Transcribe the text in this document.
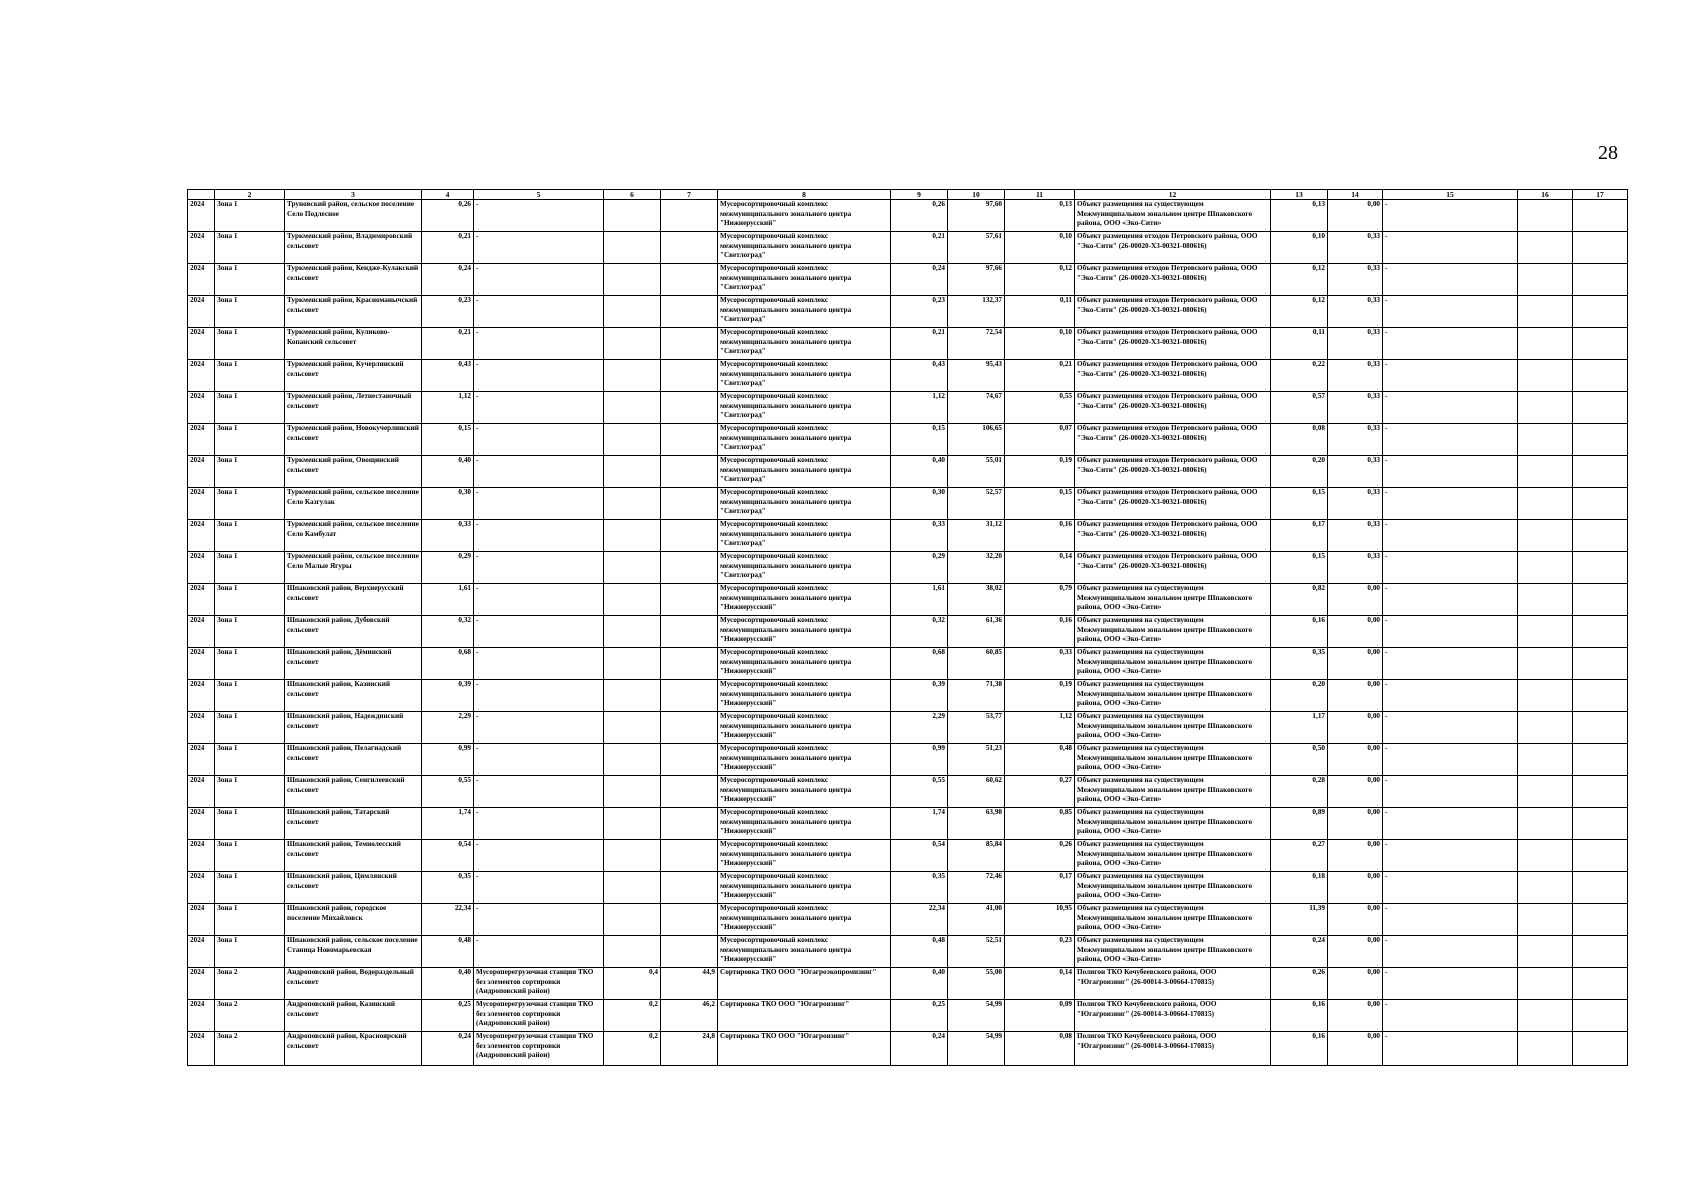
28
	2	3	4	5	6	7	8	9	10	11	12	13	14	15	16	17

2024	Зона 1	Труновский район, сельское поселение Село Подлесное	0,26	-			Мусоросортировочный комплекс межмуниципального зонального центра "Нижнерусский"	0,26	97,60	0,13	Объект размещения на существующем Межмуниципальном зональном центре Шпаковского района, ООО «Эко-Сити»	0,13	0,00	-		

2024	Зона 1	Туркменский район, Владимировский сельсовет	0,21	-			Мусоросортировочный комплекс межмуниципального зонального центра "Светлоград"	0,21	57,61	0,10	Объект размещения отходов Петровского района, ООО "Эко-Сити" (26-00020-Х3-00321-080616)	0,10	0,33	-		

2024	Зона 1	Туркменский район, Кендже-Кулакский сельсовет	0,24	-			Мусоросортировочный комплекс межмуниципального зонального центра "Светлоград"	0,24	97,66	0,12	Объект размещения отходов Петровского района, ООО "Эко-Сити" (26-00020-Х3-00321-080616)	0,12	0,33	-		

2024	Зона 1	Туркменский район, Красноманычский сельсовет	0,23	-			Мусоросортировочный комплекс межмуниципального зонального центра "Светлоград"	0,23	132,37	0,11	Объект размещения отходов Петровского района, ООО "Эко-Сити" (26-00020-Х3-00321-080616)	0,12	0,33	-		

2024	Зона 1	Туркменский район, Куликово-Копанский сельсовет	0,21	-			Мусоросортировочный комплекс межмуниципального зонального центра "Светлоград"	0,21	72,54	0,10	Объект размещения отходов Петровского района, ООО "Эко-Сити" (26-00020-Х3-00321-080616)	0,11	0,33	-		

2024	Зона 1	Туркменский район, Кучерлинский сельсовет	0,43	-			Мусоросортировочный комплекс межмуниципального зонального центра "Светлоград"	0,43	95,43	0,21	Объект размещения отходов Петровского района, ООО "Эко-Сити" (26-00020-Х3-00321-080616)	0,22	0,33	-		

2024	Зона 1	Туркменский район, Летнестаночный сельсовет	1,12	-			Мусоросортировочный комплекс межмуниципального зонального центра "Светлоград"	1,12	74,67	0,55	Объект размещения отходов Петровского района, ООО "Эко-Сити" (26-00020-Х3-00321-080616)	0,57	0,33	-		

2024	Зона 1	Туркменский район, Новокучерлинский сельсовет	0,15	-			Мусоросортировочный комплекс межмуниципального зонального центра "Светлоград"	0,15	106,65	0,07	Объект размещения отходов Петровского района, ООО "Эко-Сити" (26-00020-Х3-00321-080616)	0,08	0,33	-		

2024	Зона 1	Туркменский район, Овощинский сельсовет	0,40	-			Мусоросортировочный комплекс межмуниципального зонального центра "Светлоград"	0,40	55,01	0,19	Объект размещения отходов Петровского района, ООО "Эко-Сити" (26-00020-Х3-00321-080616)	0,20	0,33	-		

2024	Зона 1	Туркменский район, сельское поселение Село Казгулак	0,30	-			Мусоросортировочный комплекс межмуниципального зонального центра "Светлоград"	0,30	52,57	0,15	Объект размещения отходов Петровского района, ООО "Эко-Сити" (26-00020-Х3-00321-080616)	0,15	0,33	-		

2024	Зона 1	Туркменский район, сельское поселение Село Камбулат	0,33	-			Мусоросортировочный комплекс межмуниципального зонального центра "Светлоград"	0,33	31,12	0,16	Объект размещения отходов Петровского района, ООО "Эко-Сити" (26-00020-Х3-00321-080616)	0,17	0,33	-		

2024	Зона 1	Туркменский район, сельское поселение Село Малые Ягуры	0,29	-			Мусоросортировочный комплекс межмуниципального зонального центра "Светлоград"	0,29	32,20	0,14	Объект размещения отходов Петровского района, ООО "Эко-Сити" (26-00020-Х3-00321-080616)	0,15	0,33	-		

2024	Зона 1	Шпаковский район, Верхнерусский сельсовет	1,61	-			Мусоросортировочный комплекс межмуниципального зонального центра "Нижнерусский"	1,61	38,02	0,79	Объект размещения на существующем Межмуниципальном зональном центре Шпаковского района, ООО «Эко-Сити»	0,82	0,00	-		

2024	Зона 1	Шпаковский район, Дубовский сельсовет	0,32	-			Мусоросортировочный комплекс межмуниципального зонального центра "Нижнерусский"	0,32	61,36	0,16	Объект размещения на существующем Межмуниципальном зональном центре Шпаковского района, ООО «Эко-Сити»	0,16	0,00	-		

2024	Зона 1	Шпаковский район, Дёминский сельсовет	0,68	-			Мусоросортировочный комплекс межмуниципального зонального центра "Нижнерусский"	0,68	60,85	0,33	Объект размещения на существующем Межмуниципальном зональном центре Шпаковского района, ООО «Эко-Сити»	0,35	0,00	-		

2024	Зона 1	Шпаковский район, Казинский сельсовет	0,39	-			Мусоросортировочный комплекс межмуниципального зонального центра "Нижнерусский"	0,39	71,38	0,19	Объект размещения на существующем Межмуниципальном зональном центре Шпаковского района, ООО «Эко-Сити»	0,20	0,00	-		

2024	Зона 1	Шпаковский район, Надеждинский сельсовет	2,29	-			Мусоросортировочный комплекс межмуниципального зонального центра "Нижнерусский"	2,29	53,77	1,12	Объект размещения на существующем Межмуниципальном зональном центре Шпаковского района, ООО «Эко-Сити»	1,17	0,00	-		

2024	Зона 1	Шпаковский район, Пелагиадский сельсовет	0,99	-			Мусоросортировочный комплекс межмуниципального зонального центра "Нижнерусский"	0,99	51,23	0,48	Объект размещения на существующем Межмуниципальном зональном центре Шпаковского района, ООО «Эко-Сити»	0,50	0,00	-		

2024	Зона 1	Шпаковский район, Сенгилеевский сельсовет	0,55	-			Мусоросортировочный комплекс межмуниципального зонального центра "Нижнерусский"	0,55	60,62	0,27	Объект размещения на существующем Межмуниципальном зональном центре Шпаковского района, ООО «Эко-Сити»	0,28	0,00	-		

2024	Зона 1	Шпаковский район, Татарский сельсовет	1,74	-			Мусоросортировочный комплекс межмуниципального зонального центра "Нижнерусский"	1,74	63,98	0,85	Объект размещения на существующем Межмуниципальном зональном центре Шпаковского района, ООО «Эко-Сити»	0,89	0,00	-		

2024	Зона 1	Шпаковский район, Темнолесский сельсовет	0,54	-			Мусоросортировочный комплекс межмуниципального зонального центра "Нижнерусский"	0,54	85,84	0,26	Объект размещения на существующем Межмуниципальном зональном центре Шпаковского района, ООО «Эко-Сити»	0,27	0,00	-		

2024	Зона 1	Шпаковский район, Цимлянский сельсовет	0,35	-			Мусоросортировочный комплекс межмуниципального зонального центра "Нижнерусский"	0,35	72,46	0,17	Объект размещения на существующем Межмуниципальном зональном центре Шпаковского района, ООО «Эко-Сити»	0,18	0,00	-		

2024	Зона 1	Шпаковский район, городское поселение Михайловск	22,34	-			Мусоросортировочный комплекс межмуниципального зонального центра "Нижнерусский"	22,34	41,00	10,95	Объект размещения на существующем Межмуниципальном зональном центре Шпаковского района, ООО «Эко-Сити»	11,39	0,00	-		

2024	Зона 1	Шпаковский район, сельское поселение Станица Новомарьевская	0,48	-			Мусоросортировочный комплекс межмуниципального зонального центра "Нижнерусский"	0,48	52,51	0,23	Объект размещения на существующем Межмуниципальном зональном центре Шпаковского района, ООО «Эко-Сити»	0,24	0,00	-		

2024	Зона 2	Андроповский район, Водораздельный сельсовет	0,40	Мусороперегрузочная станция ТКО без элементов сортировки (Андроповский район)	0,4	44,9	Сортировка ТКО ООО "Югагроэкопромизинг"	0,40	55,00	0,14	Полигон ТКО Кочубеевского района, ООО "Югагроизинг" (26-00014-З-00664-170815)	0,26	0,00	-		

2024	Зона 2	Андроповский район, Казинский сельсовет	0,25	Мусороперегрузочная станция ТКО без элементов сортировки (Андроповский район)	0,2	46,2	Сортировка ТКО ООО "Югагроизинг"	0,25	54,99	0,09	Полигон ТКО Кочубеевского района, ООО "Югагроизинг" (26-00014-З-00664-170815)	0,16	0,00	-		

2024	Зона 2	Андроповский район, Красноярский сельсовет	0,24	Мусороперегрузочная станция ТКО без элементов сортировки (Андроповский район)	0,2	24,8	Сортировка ТКО ООО "Югагроизинг"	0,24	54,99	0,08	Полигон ТКО Кочубеевского района, ООО "Югагроизинг" (26-00014-З-00664-170815)	0,16	0,00	-		
